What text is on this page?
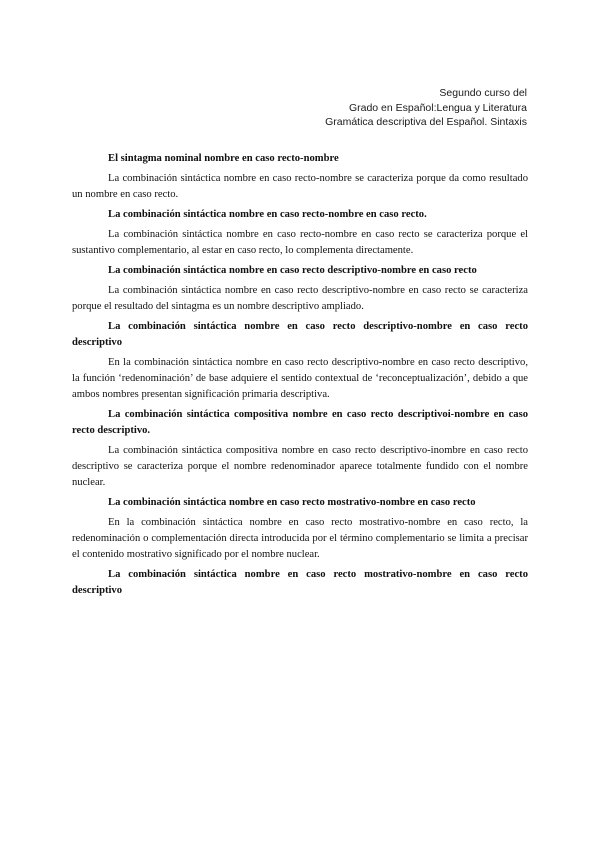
Segundo curso del
Grado en Español:Lengua y Literatura
Gramática descriptiva del Español. Sintaxis

El sintagma nominal nombre en caso recto-nombre

La combinación sintáctica nombre en caso recto-nombre se caracteriza porque da como resultado un nombre en caso recto.

La combinación sintáctica nombre en caso recto-nombre en caso recto.

La combinación sintáctica nombre en caso recto-nombre en caso recto se caracteriza porque el sustantivo complementario, al estar en caso recto, lo complementa directamente.

La combinación sintáctica nombre en caso recto descriptivo-nombre en caso recto

La combinación sintáctica nombre en caso recto descriptivo-nombre en caso recto se caracteriza porque el resultado del sintagma es un nombre descriptivo ampliado.

La combinación sintáctica nombre en caso recto descriptivo-nombre en caso recto descriptivo

En la combinación sintáctica nombre en caso recto descriptivo-nombre en caso recto descriptivo, la función ‘redenominación’ de base adquiere el sentido contextual de ‘reconceptualización’, debido a que ambos nombres presentan significación primaria descriptiva.

La combinación sintáctica compositiva nombre en caso recto descriptivoi-nombre en caso recto descriptivo.

La combinación sintáctica compositiva nombre en caso recto descriptivo-inombre en caso recto descriptivo se caracteriza porque el nombre redenominador aparece totalmente fundido con el nombre nuclear.

La combinación sintáctica nombre en caso recto mostrativo-nombre en caso recto

En la combinación sintáctica nombre en caso recto mostrativo-nombre en caso recto, la redenominación o complementación directa introducida por el término complementario se limita a precisar el contenido mostrativo significado por el nombre nuclear.

La combinación sintáctica nombre en caso recto mostrativo-nombre en caso recto descriptivo
